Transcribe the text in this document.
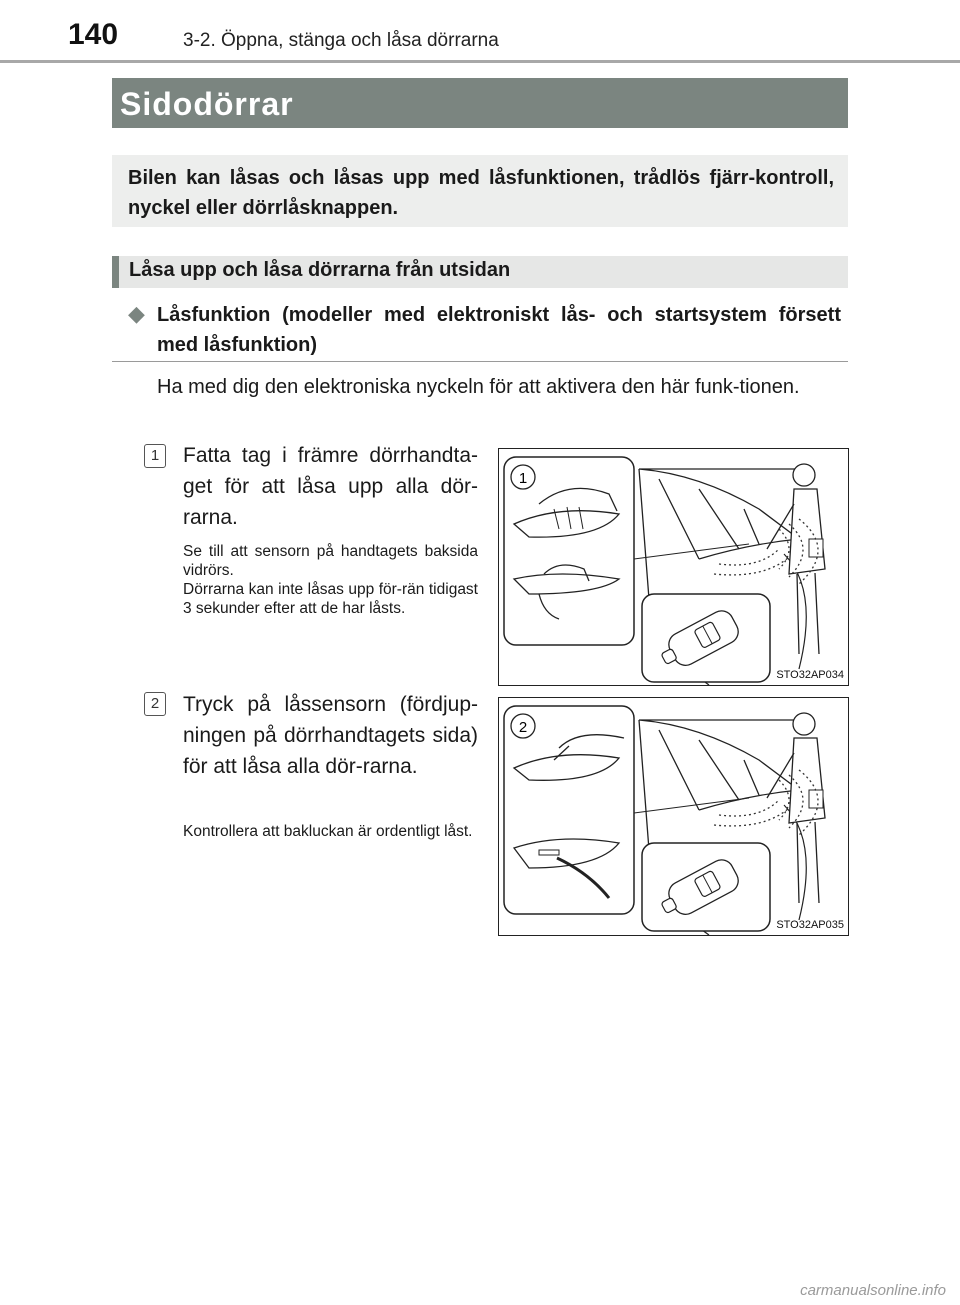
140	3-2. Öppna, stänga och låsa dörrarna
Sidodörrar
Bilen kan låsas och låsas upp med låsfunktionen, trådlös fjärr-kontroll, nyckel eller dörrlåsknappen.
Låsa upp och låsa dörrarna från utsidan
◆ Låsfunktion (modeller med elektroniskt lås- och startsystem försett med låsfunktion)
Ha med dig den elektroniska nyckeln för att aktivera den här funk-tionen.
1	Fatta tag i främre dörrhandta-get för att låsa upp alla dör-rarna.
Se till att sensorn på handtagets baksida vidrörs.
Dörrarna kan inte låsas upp för-rän tidigast 3 sekunder efter att de har låsts.
1
STO32AP034
2	Tryck på låssensorn (fördjup-ningen på dörrhandtagets sida) för att låsa alla dör-rarna.
Kontrollera att bakluckan är ordentligt låst.
2
STO32AP035
carmanualsonline.info
